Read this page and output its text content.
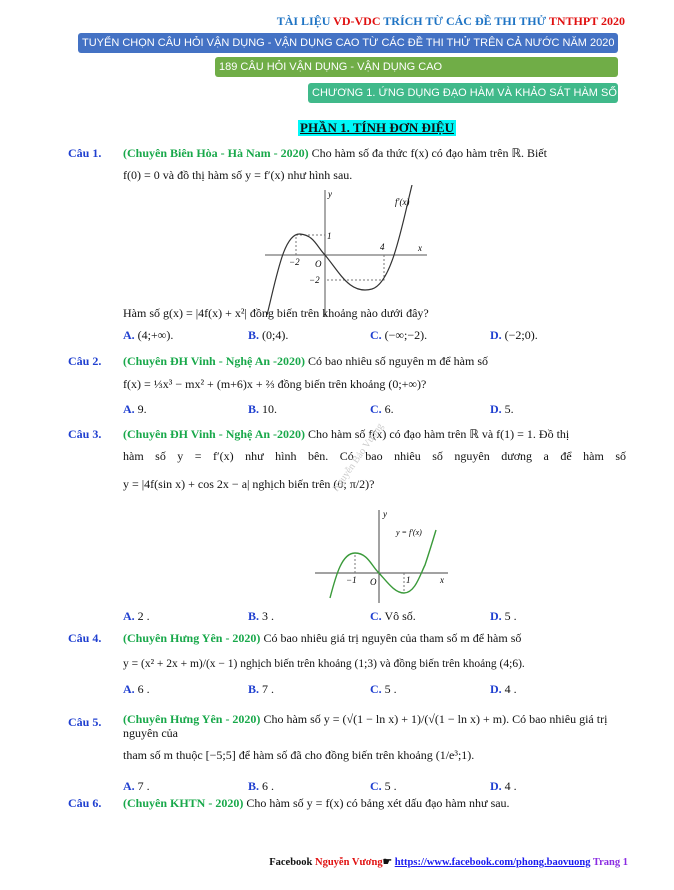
TÀI LIỆU VD-VDC TRÍCH TỪ CÁC ĐỀ THI THỬ TNTHPT 2020
TUYỂN CHỌN CÂU HỎI VẬN DỤNG - VẬN DỤNG CAO TỪ CÁC ĐỀ THI THỬ TRÊN CẢ NƯỚC NĂM 2020
189 CÂU HỎI VẬN DỤNG - VẬN DỤNG CAO
CHƯƠNG 1. ỨNG DỤNG ĐẠO HÀM VÀ KHẢO SÁT HÀM SỐ
PHẦN 1. TÍNH ĐƠN ĐIỆU
Câu 1. (Chuyên Biên Hòa - Hà Nam - 2020) Cho hàm số đa thức f(x) có đạo hàm trên ℝ. Biết
f(0) = 0 và đồ thị hàm số y = f′(x) như hình sau.
y
x
f′(x)
1
−2 O
4
−2
Hàm số g(x) = |4f(x) + x²| đồng biến trên khoảng nào dưới đây?
A. (4;+∞).	B. (0;4).	C. (−∞;−2).	D. (−2;0).
Câu 2. (Chuyên ĐH Vinh - Nghệ An -2020) Có bao nhiêu số nguyên m để hàm số
f(x) = ⅓x³ − mx² + (m+6)x + ⅔ đồng biến trên khoảng (0;+∞)?
A. 9.	B. 10.	C. 6.	D. 5.
Câu 3. (Chuyên ĐH Vinh - Nghệ An -2020) Cho hàm số f(x) có đạo hàm trên ℝ và f(1) = 1. Đồ thị
hàm số y = f′(x) như hình bên. Có bao nhiêu số nguyên dương a để hàm số
y = |4f(sin x) + cos 2x − a| nghịch biến trên (0; π/2)?
Nguyễn Bảo Vương
y
x
y = f′(x)
−1 O	1
A. 2 .	B. 3 .	C. Vô số.	D. 5 .
Câu 4. (Chuyên Hưng Yên - 2020) Có bao nhiêu giá trị nguyên của tham số m để hàm số
y = (x² + 2x + m)/(x − 1) nghịch biến trên khoảng (1;3) và đồng biến trên khoảng (4;6).
A. 6 .	B. 7 .	C. 5 .	D. 4 .
Câu 5. (Chuyên Hưng Yên - 2020) Cho hàm số y = (√(1 − ln x) + 1)/(√(1 − ln x) + m). Có bao nhiêu giá trị nguyên của
tham số m thuộc [−5;5] để hàm số đã cho đồng biến trên khoảng (1/e³;1).
A. 7 .	B. 6 .	C. 5 .	D. 4 .
Câu 6. (Chuyên KHTN - 2020) Cho hàm số y = f(x) có bảng xét dấu đạo hàm như sau.
Facebook Nguyễn Vương☛ https://www.facebook.com/phong.baovuong Trang 1
